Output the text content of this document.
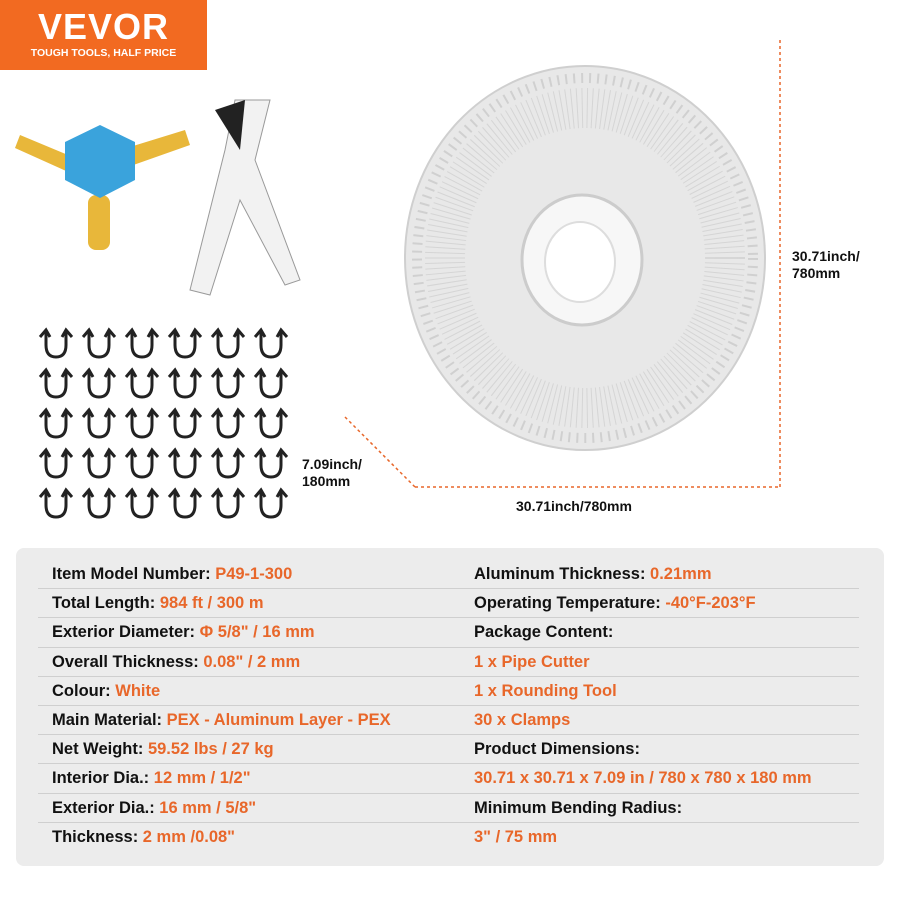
VEVOR
TOUGH TOOLS, HALF PRICE
30.71inch/
780mm
30.71inch/780mm
7.09inch/
180mm
Item Model Number: P49-1-300
Total Length: 984 ft / 300 m
Exterior Diameter: Φ 5/8" / 16 mm
Overall Thickness: 0.08" / 2 mm
Colour: White
Main Material: PEX - Aluminum Layer - PEX
Net Weight: 59.52 lbs / 27 kg
Interior Dia.: 12 mm / 1/2"
Exterior Dia.: 16 mm / 5/8"
Thickness: 2 mm /0.08"
Aluminum Thickness: 0.21mm
Operating Temperature: -40°F-203°F
Package Content:
1 x Pipe Cutter
1 x Rounding Tool
30 x Clamps
Product Dimensions:
30.71 x 30.71 x 7.09 in / 780 x 780 x 180 mm
Minimum Bending Radius:
3" / 75 mm
